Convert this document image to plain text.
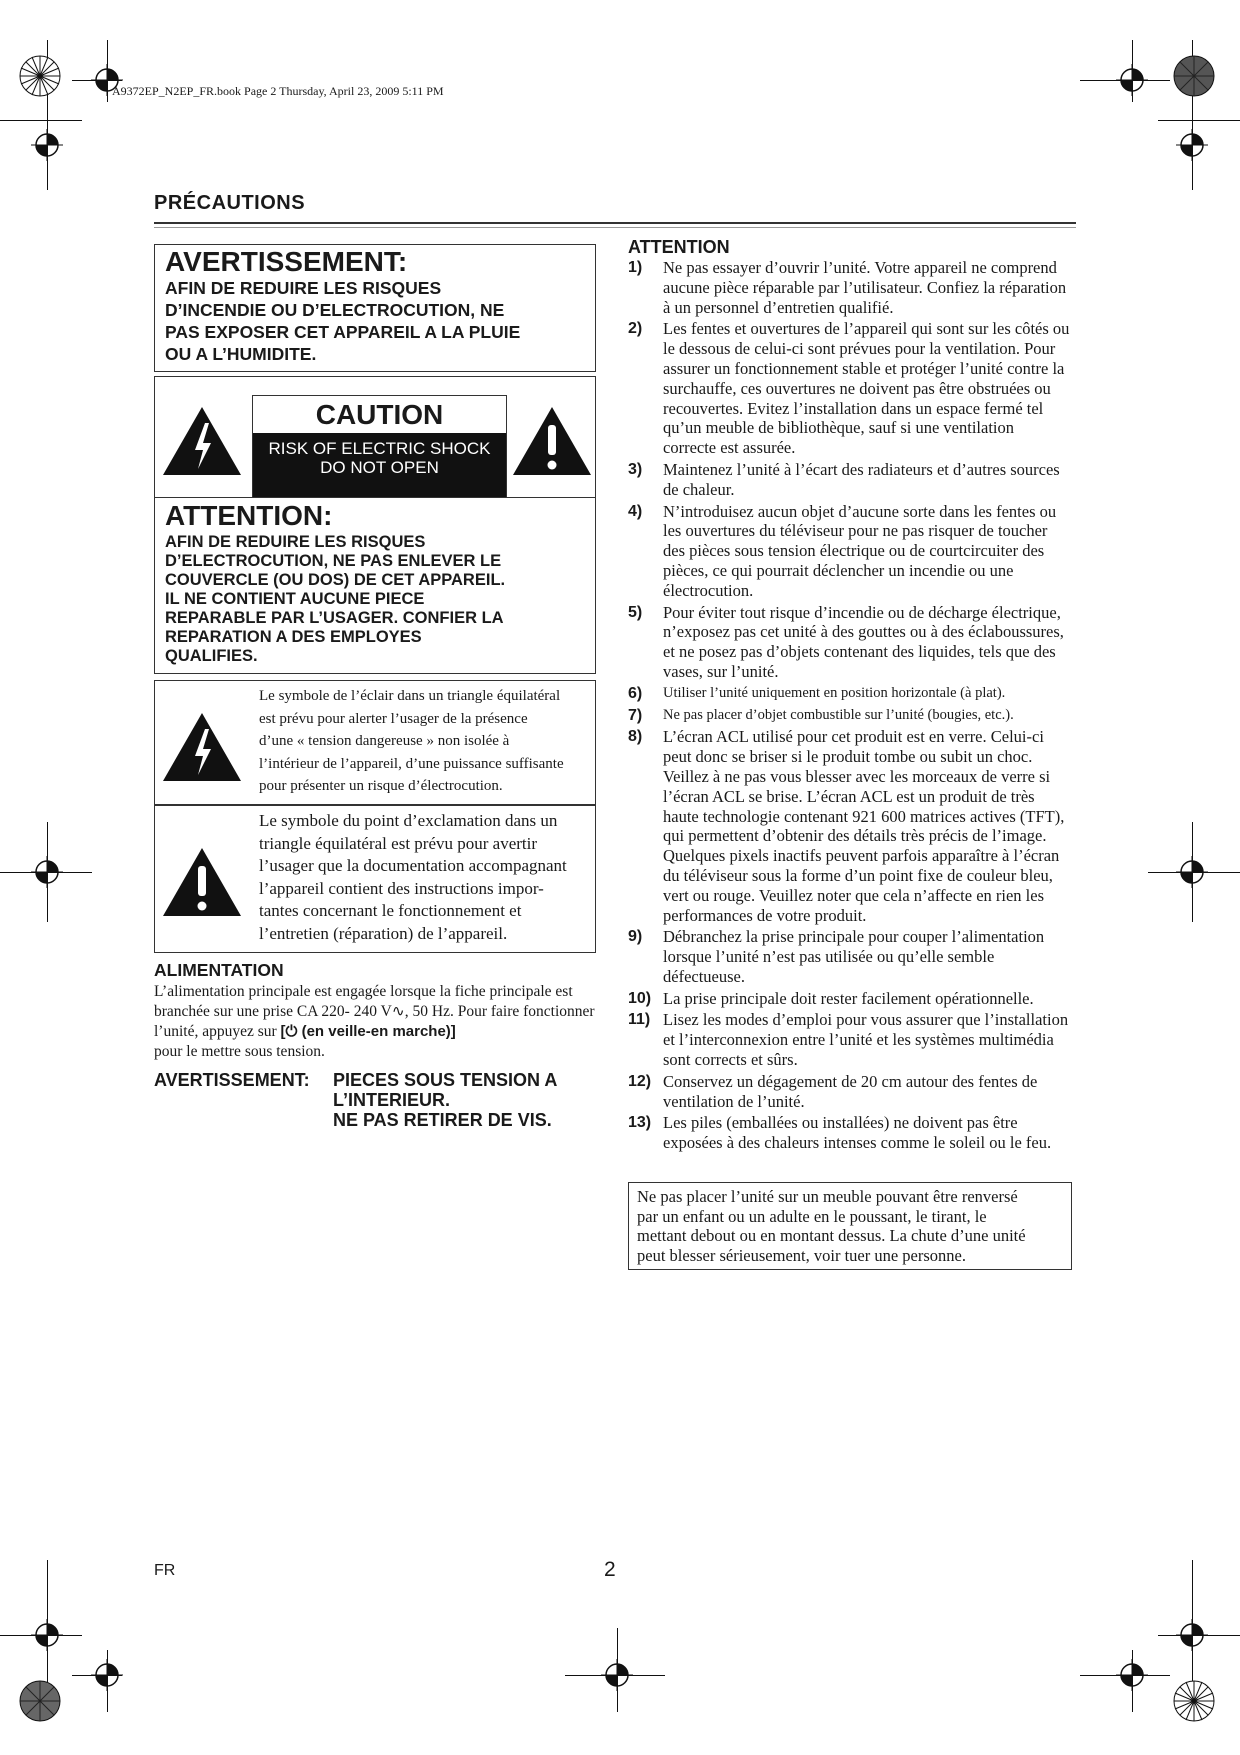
A9372EP_N2EP_FR.book Page 2 Thursday, April 23, 2009 5:11 PM
PRÉCAUTIONS
AVERTISSEMENT:
AFIN DE REDUIRE LES RISQUES
D’INCENDIE OU D’ELECTROCUTION, NE
PAS EXPOSER CET APPAREIL A LA PLUIE
OU A L’HUMIDITE.
CAUTION
RISK OF ELECTRIC SHOCK
DO NOT OPEN
ATTENTION:
AFIN DE REDUIRE LES RISQUES
D’ELECTROCUTION, NE PAS ENLEVER LE
COUVERCLE (OU DOS) DE CET APPAREIL.
IL NE CONTIENT AUCUNE PIECE
REPARABLE PAR L’USAGER. CONFIER LA
REPARATION A DES EMPLOYES
QUALIFIES.
Le symbole de l’éclair dans un triangle équilatéral
est prévu pour alerter l’usager de la présence
d’une « tension dangereuse » non isolée à
l’intérieur de l’appareil, d’une puissance suffisante
pour présenter un risque d’électrocution.
Le symbole du point d’exclamation dans un
triangle équilatéral est prévu pour avertir
l’usager que la documentation accompagnant
l’appareil contient des instructions impor-
tantes concernant le fonctionnement et
l’entretien (réparation) de l’appareil.
ALIMENTATION
L’alimentation principale est engagée lorsque la fiche principale est branchée sur une prise CA 220- 240 V∿, 50 Hz. Pour faire fonctionner l’unité, appuyez sur [⏻ (en veille-en marche)]
pour le mettre sous tension.
AVERTISSEMENT: PIECES SOUS TENSION A
L’INTERIEUR.
NE PAS RETIRER DE VIS.
ATTENTION
1) Ne pas essayer d’ouvrir l’unité. Votre appareil ne comprend aucune pièce réparable par l’utilisateur. Confiez la réparation à un personnel d’entretien qualifié.
2) Les fentes et ouvertures de l’appareil qui sont sur les côtés ou le dessous de celui-ci sont prévues pour la ventilation. Pour assurer un fonctionnement stable et protéger l’unité contre la surchauffe, ces ouvertures ne doivent pas être obstruées ou recouvertes. Evitez l’installation dans un espace fermé tel qu’un meuble de bibliothèque, sauf si une ventilation correcte est assurée.
3) Maintenez l’unité à l’écart des radiateurs et d’autres sources de chaleur.
4) N’introduisez aucun objet d’aucune sorte dans les fentes ou les ouvertures du téléviseur pour ne pas risquer de toucher des pièces sous tension électrique ou de courtcircuiter des pièces, ce qui pourrait déclencher un incendie ou une électrocution.
5) Pour éviter tout risque d’incendie ou de décharge électrique, n’exposez pas cet unité à des gouttes ou à des éclaboussures, et ne posez pas d’objets contenant des liquides, tels que des vases, sur l’unité.
6) Utiliser l’unité uniquement en position horizontale (à plat).
7) Ne pas placer d’objet combustible sur l’unité (bougies, etc.).
8) L’écran ACL utilisé pour cet produit est en verre. Celui-ci peut donc se briser si le produit tombe ou subit un choc. Veillez à ne pas vous blesser avec les morceaux de verre si l’écran ACL se brise. L’écran ACL est un produit de très haute technologie contenant 921 600 matrices actives (TFT), qui permettent d’obtenir des détails très précis de l’image. Quelques pixels inactifs peuvent parfois apparaître à l’écran du téléviseur sous la forme d’un point fixe de couleur bleu, vert ou rouge. Veuillez noter que cela n’affecte en rien les performances de votre produit.
9) Débranchez la prise principale pour couper l’alimentation lorsque l’unité n’est pas utilisée ou qu’elle semble défectueuse.
10) La prise principale doit rester facilement opérationnelle.
11) Lisez les modes d’emploi pour vous assurer que l’installation et l’interconnexion entre l’unité et les systèmes multimédia sont corrects et sûrs.
12) Conservez un dégagement de 20 cm autour des fentes de ventilation de l’unité.
13) Les piles (emballées ou installées) ne doivent pas être exposées à des chaleurs intenses comme le soleil ou le feu.
Ne pas placer l’unité sur un meuble pouvant être renversé
par un enfant ou un adulte en le poussant, le tirant, le
mettant debout ou en montant dessus. La chute d’une unité
peut blesser sérieusement, voir tuer une personne.
FR	2
